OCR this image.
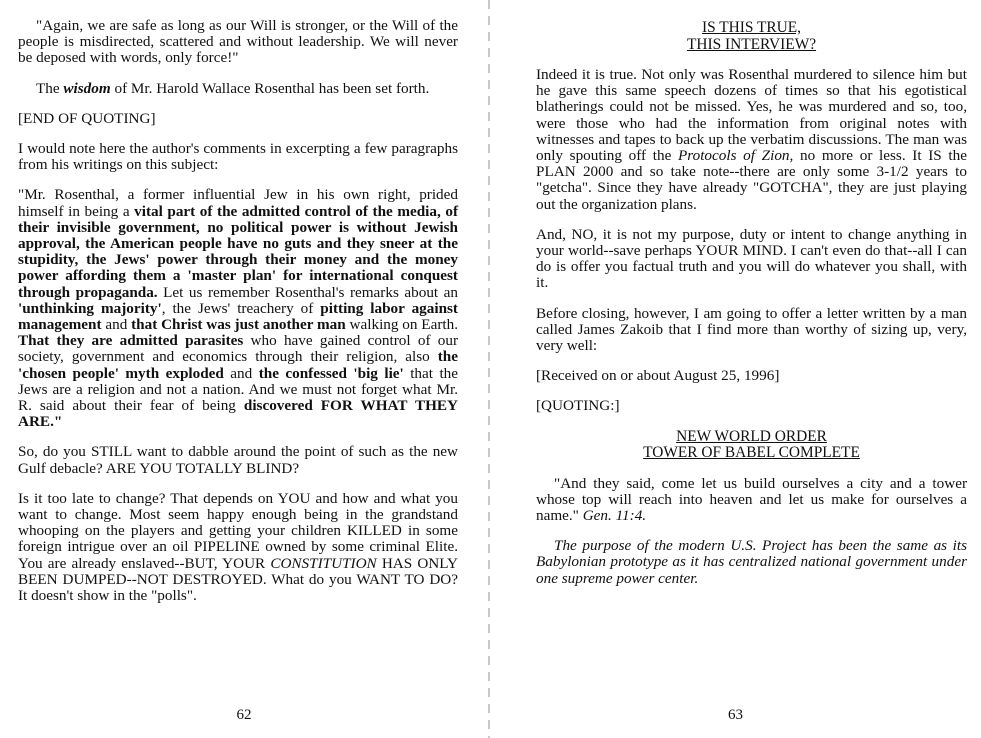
"Again, we are safe as long as our Will is stronger, or the Will of the people is misdirected, scattered and without leadership. We will never be deposed with words, only force!"

The wisdom of Mr. Harold Wallace Rosenthal has been set forth.

[END OF QUOTING]

I would note here the author's comments in excerpting a few paragraphs from his writings on this subject:

"Mr. Rosenthal, a former influential Jew in his own right, prided himself in being a vital part of the admitted control of the media, of their invisible government, no political power is without Jewish approval, the American people have no guts and they sneer at the stupidity, the Jews' power through their money and the money power affording them a 'master plan' for international conquest through propaganda. Let us remember Rosenthal's remarks about an 'unthinking majority', the Jews' treachery of pitting labor against management and that Christ was just another man walking on Earth. That they are admitted parasites who have gained control of our society, government and economics through their religion, also the 'chosen people' myth exploded and the confessed 'big lie' that the Jews are a religion and not a nation. And we must not forget what Mr. R. said about their fear of being discovered FOR WHAT THEY ARE."

So, do you STILL want to dabble around the point of such as the new Gulf debacle? ARE YOU TOTALLY BLIND?

Is it too late to change? That depends on YOU and how and what you want to change. Most seem happy enough being in the grandstand whooping on the players and getting your children KILLED in some foreign intrigue over an oil PIPELINE owned by some criminal Elite. You are already enslaved--BUT, YOUR CONSTITUTION HAS ONLY BEEN DUMPED--NOT DESTROYED. What do you WANT TO DO? It doesn't show in the "polls".

62
IS THIS TRUE,
THIS INTERVIEW?

Indeed it is true. Not only was Rosenthal murdered to silence him but he gave this same speech dozens of times so that his egotistical blatherings could not be missed. Yes, he was murdered and so, too, were those who had the information from original notes with witnesses and tapes to back up the verbatim discussions. The man was only spouting off the Protocols of Zion, no more or less. It IS the PLAN 2000 and so take note--there are only some 3-1/2 years to "getcha". Since they have already "GOTCHA", they are just playing out the organization plans.

And, NO, it is not my purpose, duty or intent to change anything in your world--save perhaps YOUR MIND. I can't even do that--all I can do is offer you factual truth and you will do whatever you shall, with it.

Before closing, however, I am going to offer a letter written by a man called James Zakoib that I find more than worthy of sizing up, very, very well:

[Received on or about August 25, 1996]

[QUOTING:]

NEW WORLD ORDER
TOWER OF BABEL COMPLETE

"And they said, come let us build ourselves a city and a tower whose top will reach into heaven and let us make for ourselves a name." Gen. 11:4.

The purpose of the modern U.S. Project has been the same as its Babylonian prototype as it has centralized national government under one supreme power center.

63
